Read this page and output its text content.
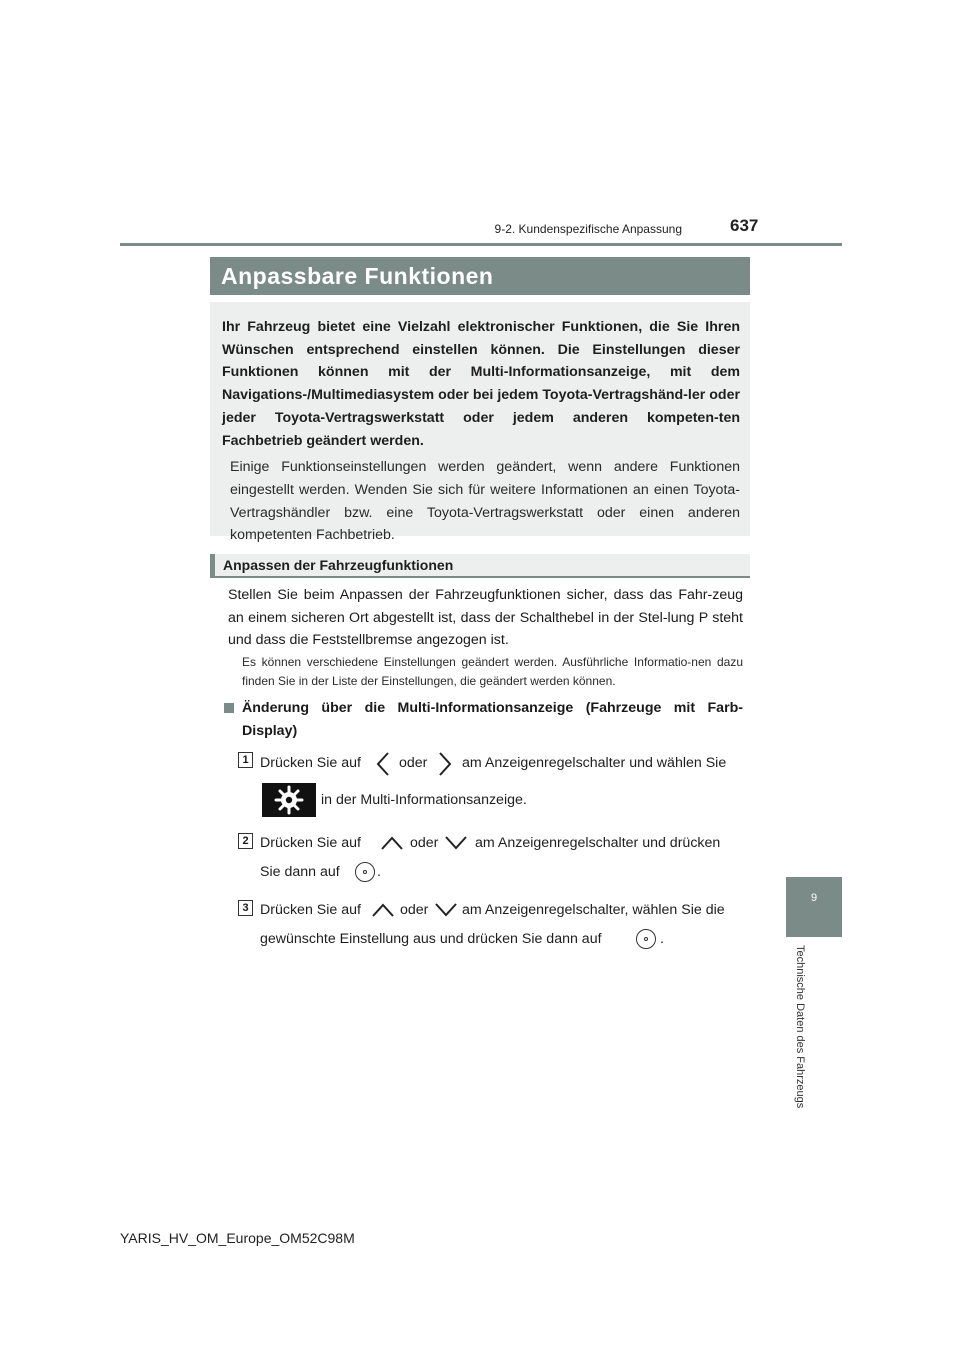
9-2. Kundenspezifische Anpassung	637
9
Technische Daten des Fahrzeugs
Anpassbare Funktionen

Ihr Fahrzeug bietet eine Vielzahl elektronischer Funktionen, die Sie Ihren Wünschen entsprechend einstellen können. Die Einstellungen dieser Funktionen können mit der Multi-Informationsanzeige, mit dem Navigations-/Multimediasystem oder bei jedem Toyota-Vertragshänd-ler oder jeder Toyota-Vertragswerkstatt oder jedem anderen kompeten-ten Fachbetrieb geändert werden.

Einige Funktionseinstellungen werden geändert, wenn andere Funktionen eingestellt werden. Wenden Sie sich für weitere Informationen an einen Toyota-Vertragshändler bzw. eine Toyota-Vertragswerkstatt oder einen anderen kompetenten Fachbetrieb.

Anpassen der Fahrzeugfunktionen

Stellen Sie beim Anpassen der Fahrzeugfunktionen sicher, dass das Fahr-zeug an einem sicheren Ort abgestellt ist, dass der Schalthebel in der Stel-lung P steht und dass die Feststellbremse angezogen ist.

Es können verschiedene Einstellungen geändert werden. Ausführliche Informatio-nen dazu finden Sie in der Liste der Einstellungen, die geändert werden können.

Änderung über die Multi-Informationsanzeige (Fahrzeuge mit Farb-Display)

1 Drücken Sie auf	oder am Anzeigenregelschalter und wählen Sie
in der Multi-Informationsanzeige.
2 Drücken Sie auf	oder	am Anzeigenregelschalter und drücken
Sie dann auf	.
3 Drücken Sie auf	oder am Anzeigenregelschalter, wählen Sie die
gewünschte Einstellung aus und drücken Sie dann auf	.
YARIS_HV_OM_Europe_OM52C98M
